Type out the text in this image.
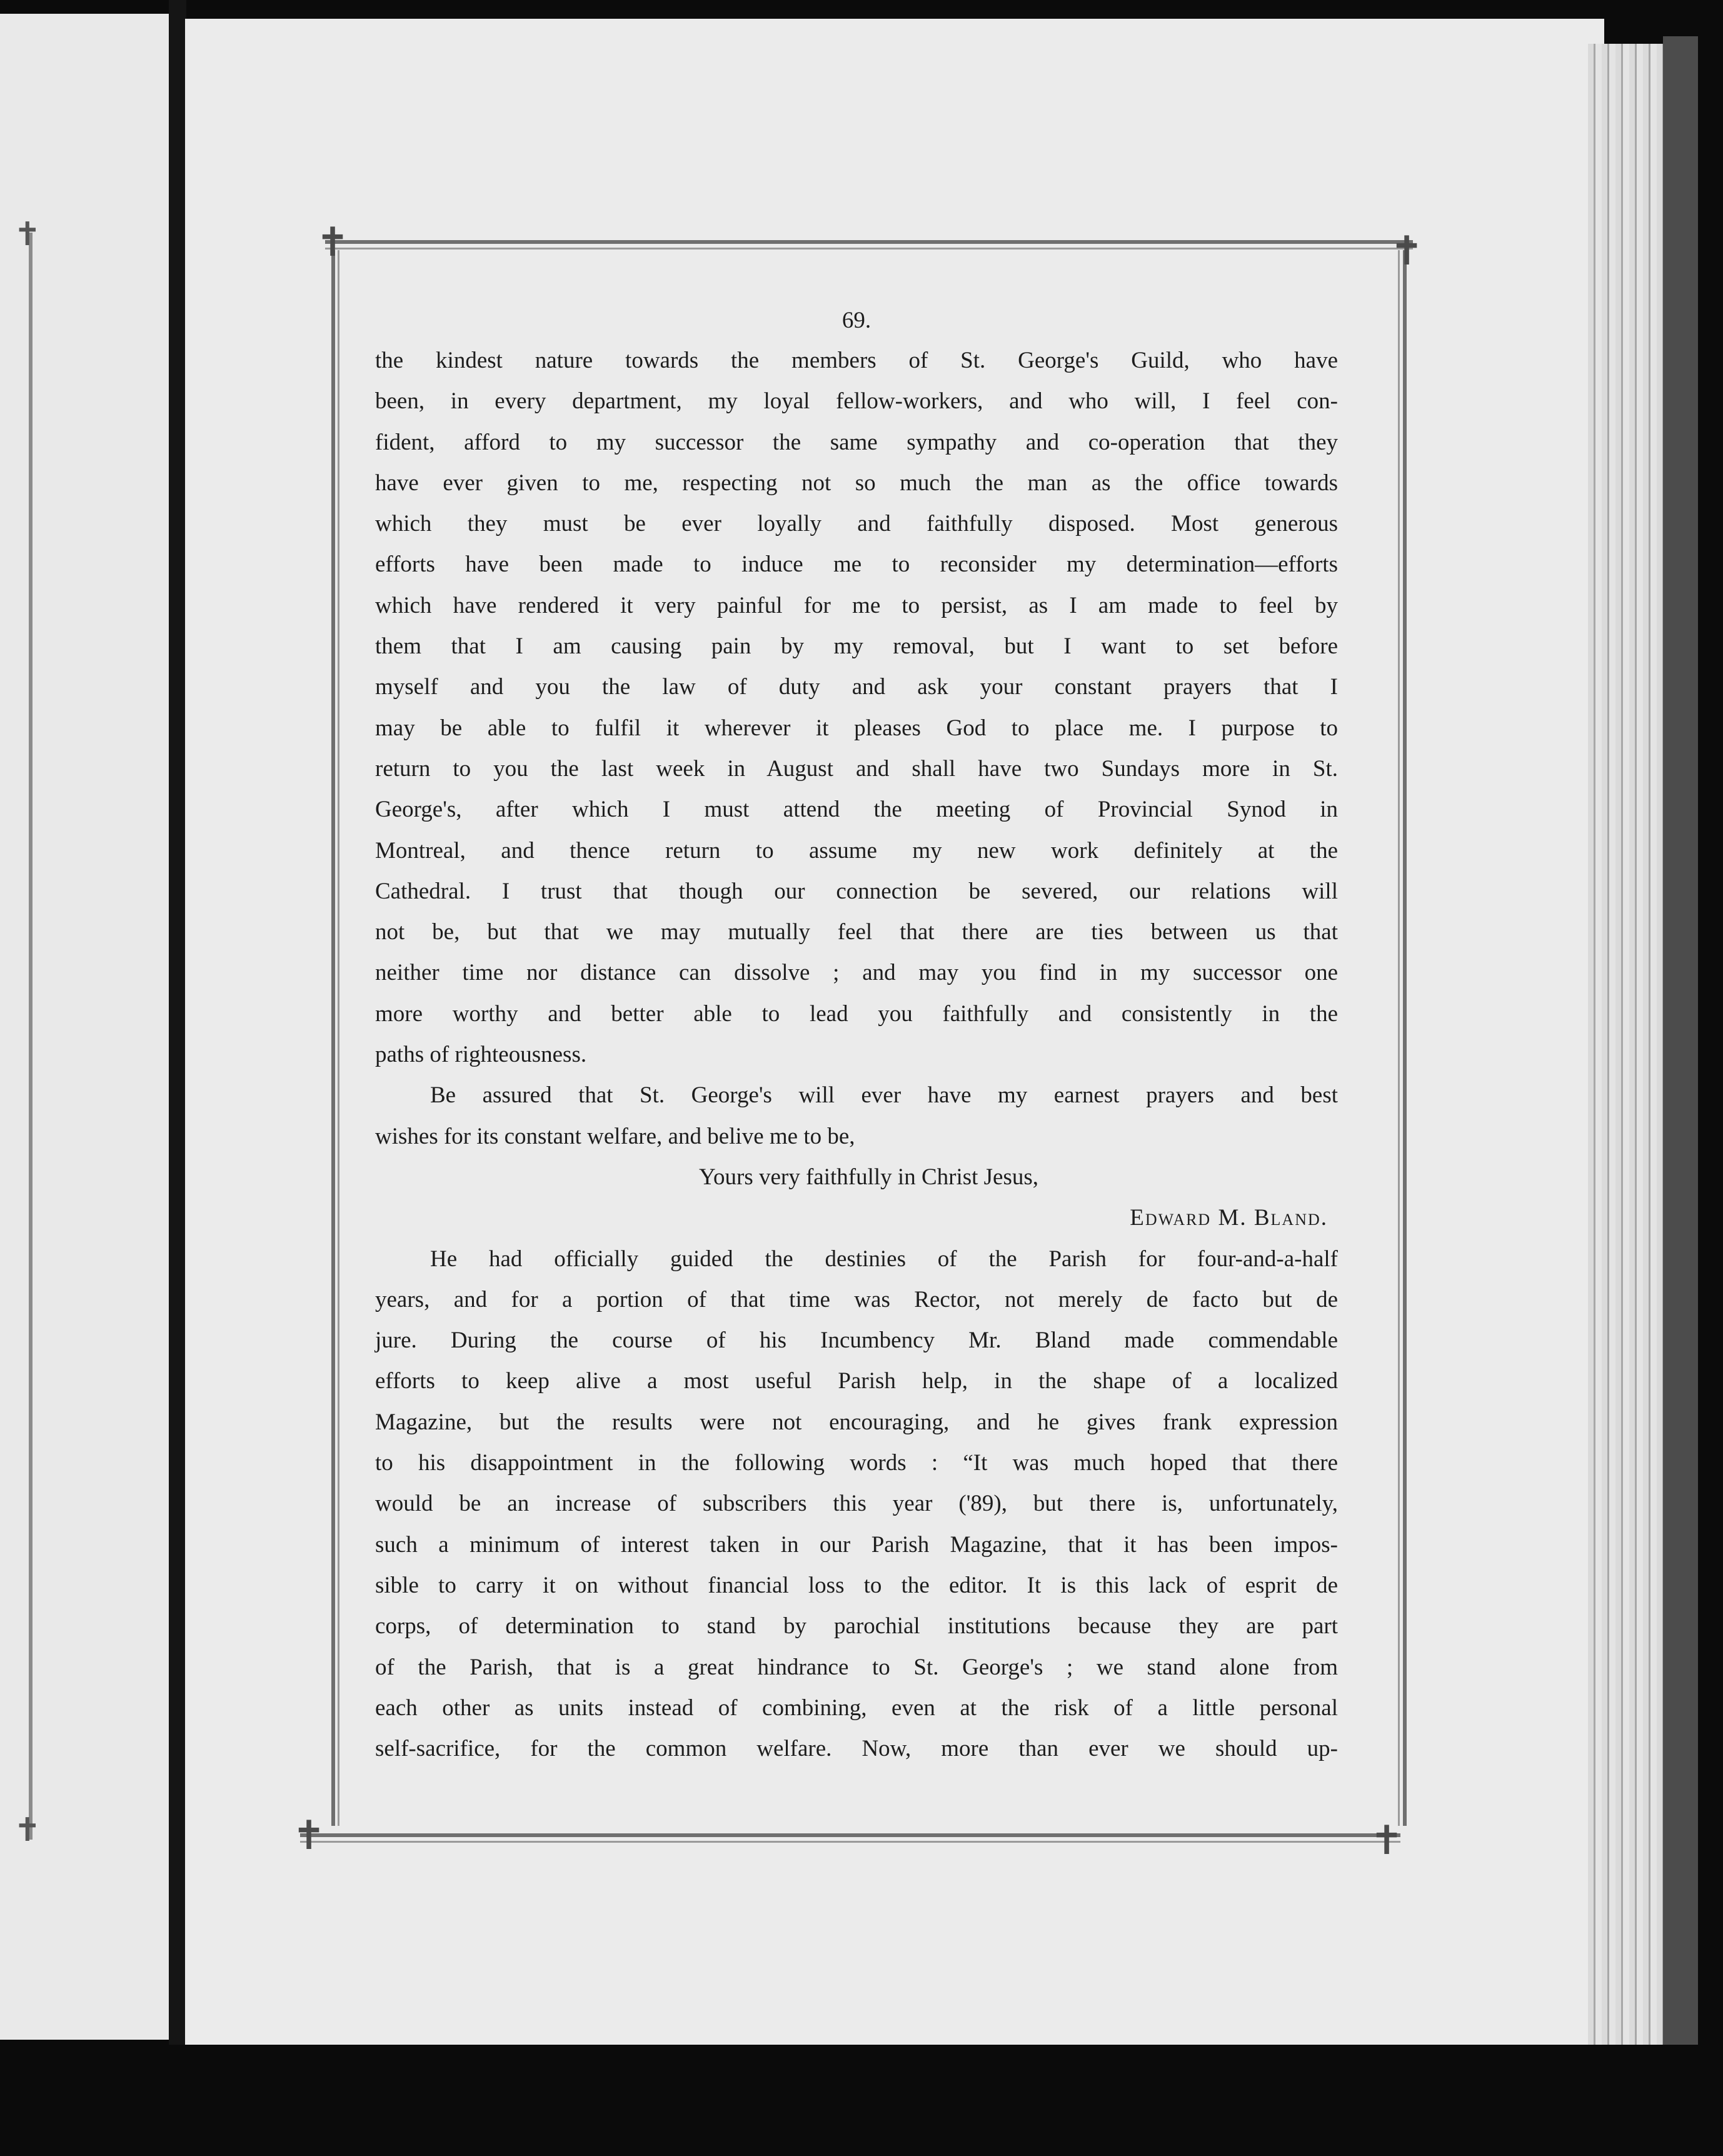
✝
✝
✝	✝
✝	✝
69.

the kindest nature towards the members of St. George's Guild, who have
been, in every department, my loyal fellow-workers, and who will, I feel con-
fident, afford to my successor the same sympathy and co-operation that they
have ever given to me, respecting not so much the man as the office towards
which they must be ever loyally and faithfully disposed. Most generous
efforts have been made to induce me to reconsider my determination—efforts
which have rendered it very painful for me to persist, as I am made to feel by
them that I am causing pain by my removal, but I want to set before
myself and you the law of duty and ask your constant prayers that I
may be able to fulfil it wherever it pleases God to place me. I purpose to
return to you the last week in August and shall have two Sundays more in St.
George's, after which I must attend the meeting of Provincial Synod in
Montreal, and thence return to assume my new work definitely at the
Cathedral. I trust that though our connection be severed, our relations will
not be, but that we may mutually feel that there are ties between us that
neither time nor distance can dissolve ; and may you find in my successor one
more worthy and better able to lead you faithfully and consistently in the
paths of righteousness.

Be assured that St. George's will ever have my earnest prayers and best
wishes for its constant welfare, and belive me to be,

Yours very faithfully in Christ Jesus,

Edward M. Bland.

He had officially guided the destinies of the Parish for four-and-a-half
years, and for a portion of that time was Rector, not merely de facto but de
jure. During the course of his Incumbency Mr. Bland made commendable
efforts to keep alive a most useful Parish help, in the shape of a localized
Magazine, but the results were not encouraging, and he gives frank expression
to his disappointment in the following words : “It was much hoped that there
would be an increase of subscribers this year ('89), but there is, unfortunately,
such a minimum of interest taken in our Parish Magazine, that it has been impos-
sible to carry it on without financial loss to the editor. It is this lack of esprit de
corps, of determination to stand by parochial institutions because they are part
of the Parish, that is a great hindrance to St. George's ; we stand alone from
each other as units instead of combining, even at the risk of a little personal
self-sacrifice, for the common welfare. Now, more than ever we should up-
